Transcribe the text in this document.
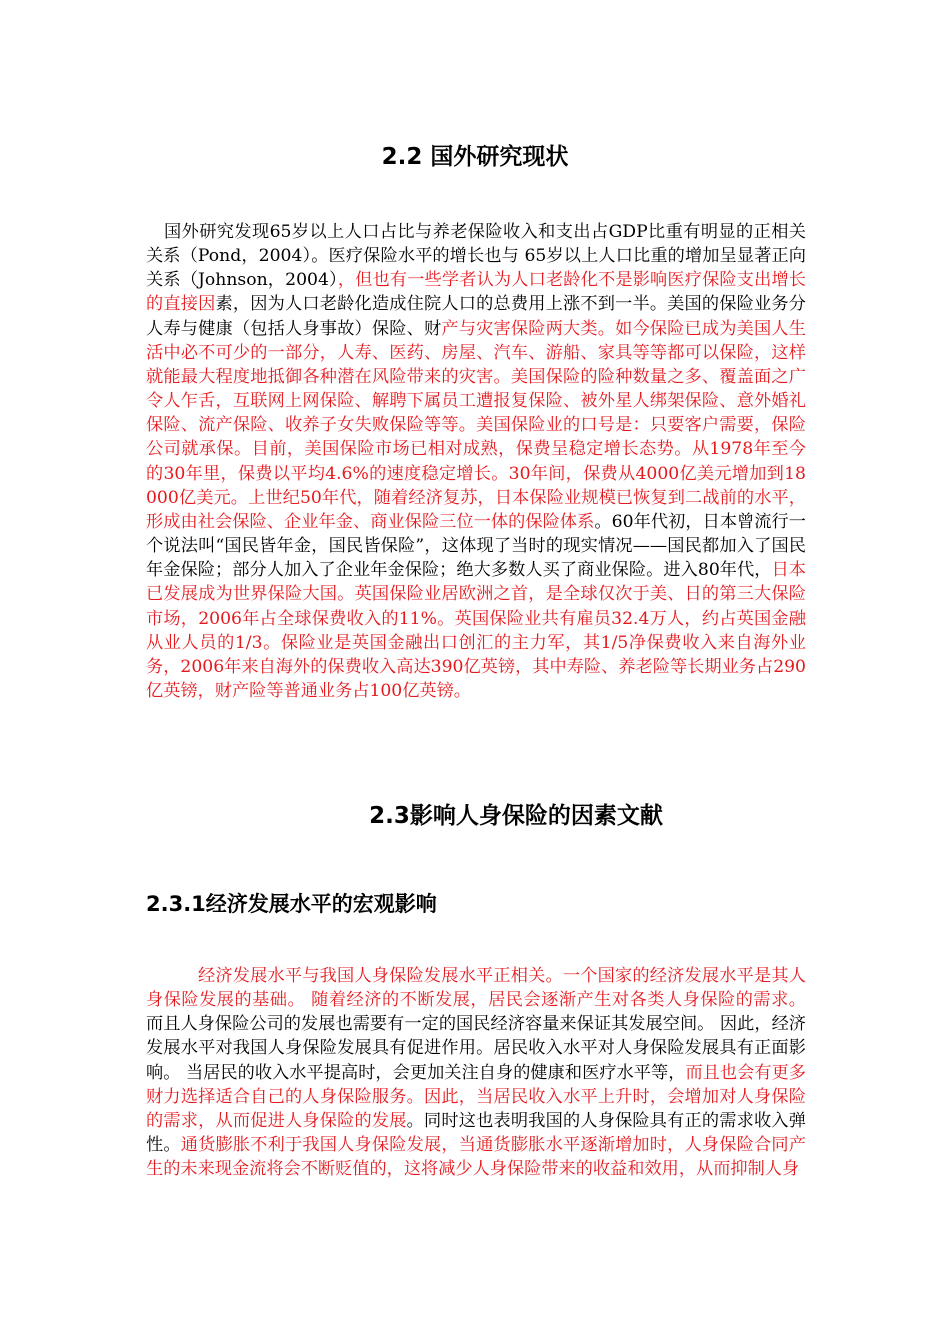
2.2 国外研究现状

国外研究发现65岁以上人口占比与养老保险收入和支出占GDP比重有明显的正相关关系（Pond，2004）。医疗保险水平的增长也与 65岁以上人口比重的增加呈显著正向关系（Johnson，2004），但也有一些学者认为人口老龄化不是影响医疗保险支出增长的直接因素，因为人口老龄化造成住院人口的总费用上涨不到一半。美国的保险业务分人寿与健康（包括人身事故）保险、财产与灾害保险两大类。如今保险已成为美国人生活中必不可少的一部分，人寿、医药、房屋、汽车、游船、家具等等都可以保险，这样就能最大程度地抵御各种潜在风险带来的灾害。美国保险的险种数量之多、覆盖面之广令人乍舌，互联网上网保险、解聘下属员工遭报复保险、被外星人绑架保险、意外婚礼保险、流产保险、收养子女失败保险等等。美国保险业的口号是：只要客户需要，保险公司就承保。目前，美国保险市场已相对成熟，保费呈稳定增长态势。从1978年至今的30年里，保费以平均4.6%的速度稳定增长。30年间，保费从4000亿美元增加到18000亿美元。上世纪50年代，随着经济复苏，日本保险业规模已恢复到二战前的水平，形成由社会保险、企业年金、商业保险三位一体的保险体系。60年代初，日本曾流行一个说法叫“国民皆年金，国民皆保险”，这体现了当时的现实情况——国民都加入了国民年金保险；部分人加入了企业年金保险；绝大多数人买了商业保险。进入80年代，日本已发展成为世界保险大国。英国保险业居欧洲之首，是全球仅次于美、日的第三大保险市场，2006年占全球保费收入的11%。英国保险业共有雇员32.4万人，约占英国金融从业人员的1/3。保险业是英国金融出口创汇的主力军，其1/5净保费收入来自海外业务，2006年来自海外的保费收入高达390亿英镑，其中寿险、养老险等长期业务占290亿英镑，财产险等普通业务占100亿英镑。

2.3影响人身保险的因素文献
2.3.1经济发展水平的宏观影响

经济发展水平与我国人身保险发展水平正相关。一个国家的经济发展水平是其人身保险发展的基础。 随着经济的不断发展，居民会逐渐产生对各类人身保险的需求。 而且人身保险公司的发展也需要有一定的国民经济容量来保证其发展空间。 因此，经济发展水平对我国人身保险发展具有促进作用。居民收入水平对人身保险发展具有正面影响。 当居民的收入水平提高时，会更加关注自身的健康和医疗水平等，而且也会有更多财力选择适合自己的人身保险服务。因此，当居民收入水平上升时，会增加对人身保险的需求，从而促进人身保险的发展。同时这也表明我国的人身保险具有正的需求收入弹性。通货膨胀不利于我国人身保险发展，当通货膨胀水平逐渐增加时，人身保险合同产生的未来现金流将会不断贬值的，这将减少人身保险带来的收益和效用，从而抑制人身
